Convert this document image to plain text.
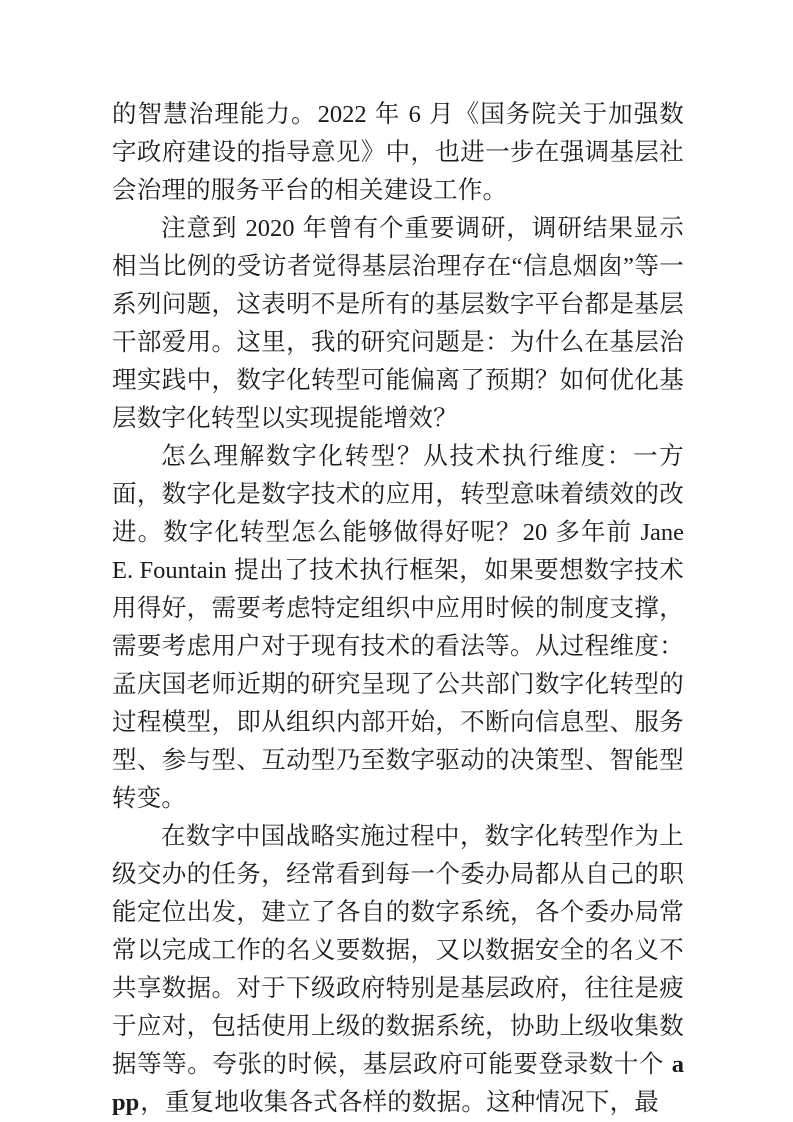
的智慧治理能力。2022 年 6 月《国务院关于加强数字政府建设的指导意见》中，也进一步在强调基层社会治理的服务平台的相关建设工作。

注意到 2020 年曾有个重要调研，调研结果显示相当比例的受访者觉得基层治理存在“信息烟囱”等一系列问题，这表明不是所有的基层数字平台都是基层干部爱用。这里，我的研究问题是：为什么在基层治理实践中，数字化转型可能偏离了预期？如何优化基层数字化转型以实现提能增效？

怎么理解数字化转型？从技术执行维度：一方面，数字化是数字技术的应用，转型意味着绩效的改进。数字化转型怎么能够做得好呢？20 多年前 Jane E. Fountain 提出了技术执行框架，如果要想数字技术用得好，需要考虑特定组织中应用时候的制度支撑，需要考虑用户对于现有技术的看法等。从过程维度：孟庆国老师近期的研究呈现了公共部门数字化转型的过程模型，即从组织内部开始，不断向信息型、服务型、参与型、互动型乃至数字驱动的决策型、智能型转变。

在数字中国战略实施过程中，数字化转型作为上级交办的任务，经常看到每一个委办局都从自己的职能定位出发，建立了各自的数字系统，各个委办局常常以完成工作的名义要数据，又以数据安全的名义不共享数据。对于下级政府特别是基层政府，往往是疲于应对，包括使用上级的数据系统，协助上级收集数据等等。夸张的时候，基层政府可能要登录数十个 app，重复地收集各式各样的数据。这种情况下，最
